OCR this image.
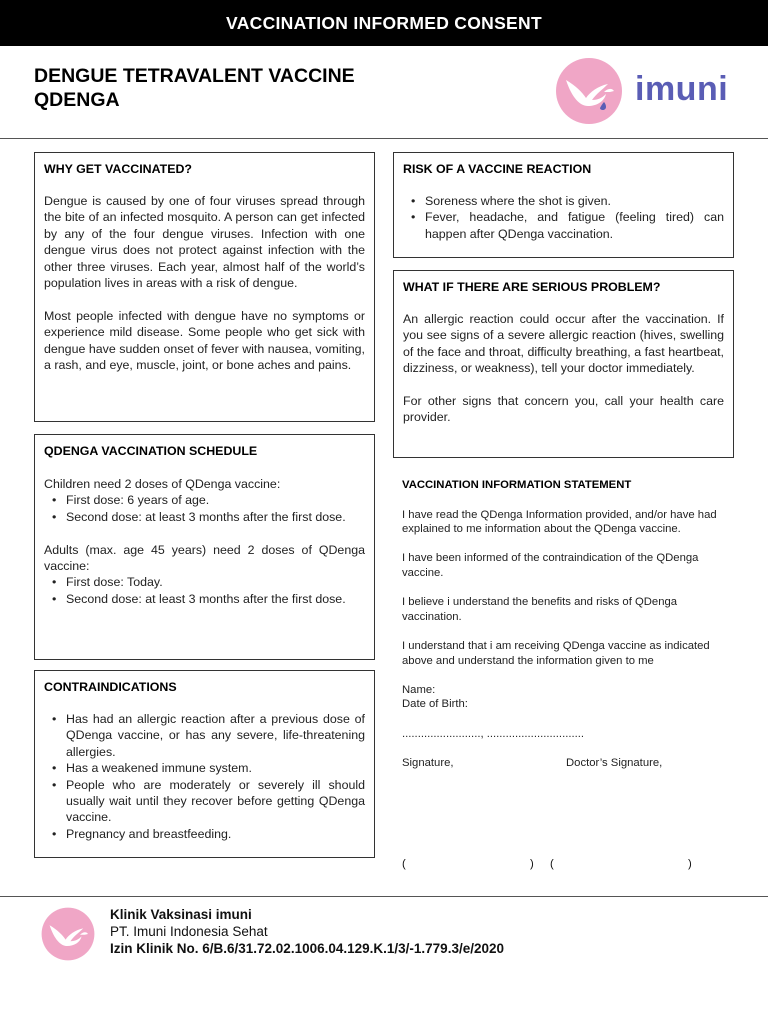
VACCINATION INFORMED CONSENT
DENGUE TETRAVALENT VACCINE
QDENGA	imuni
WHY GET VACCINATED?

Dengue is caused by one of four viruses spread through the bite of an infected mosquito. A person can get infected by any of the four dengue viruses. Infection with one dengue virus does not protect against infection with the other three viruses. Each year, almost half of the world’s population lives in areas with a risk of dengue.

Most people infected with dengue have no symptoms or experience mild disease. Some people who get sick with dengue have sudden onset of fever with nausea, vomiting, a rash, and eye, muscle, joint, or bone aches and pains.

QDENGA VACCINATION SCHEDULE
Children need 2 doses of QDenga vaccine:
• First dose: 6 years of age.
• Second dose: at least 3 months after the first dose.
Adults (max. age 45 years) need 2 doses of QDenga vaccine:
• First dose: Today.
• Second dose: at least 3 months after the first dose.
CONTRAINDICATIONS
• Has had an allergic reaction after a previous dose of QDenga vaccine, or has any severe, life-threatening allergies.
• Has a weakened immune system.
• People who are moderately or severely ill should usually wait until they recover before getting QDenga vaccine.
• Pregnancy and breastfeeding.
RISK OF A VACCINE REACTION
• Soreness where the shot is given.
• Fever, headache, and fatigue (feeling tired) can happen after QDenga vaccination.
WHAT IF THERE ARE SERIOUS PROBLEM?

An allergic reaction could occur after the vaccination. If you see signs of a severe allergic reaction (hives, swelling of the face and throat, difficulty breathing, a fast heartbeat, dizziness, or weakness), tell your doctor immediately.

For other signs that concern you, call your health care provider.

VACCINATION INFORMATION STATEMENT

I have read the QDenga Information provided, and/or have had explained to me information about the QDenga vaccine.

I have been informed of the contraindication of the QDenga vaccine.

I believe i understand the benefits and risks of QDenga vaccination.

I understand that i am receiving QDenga vaccine as indicated above and understand the information given to me

Name:

Date of Birth:

........................., ...............................

Signature,	Doctor’s Signature,
(	) (	)
Klinik Vaksinasi imuni
PT. Imuni Indonesia Sehat
Izin Klinik No. 6/B.6/31.72.02.1006.04.129.K.1/3/-1.779.3/e/2020
